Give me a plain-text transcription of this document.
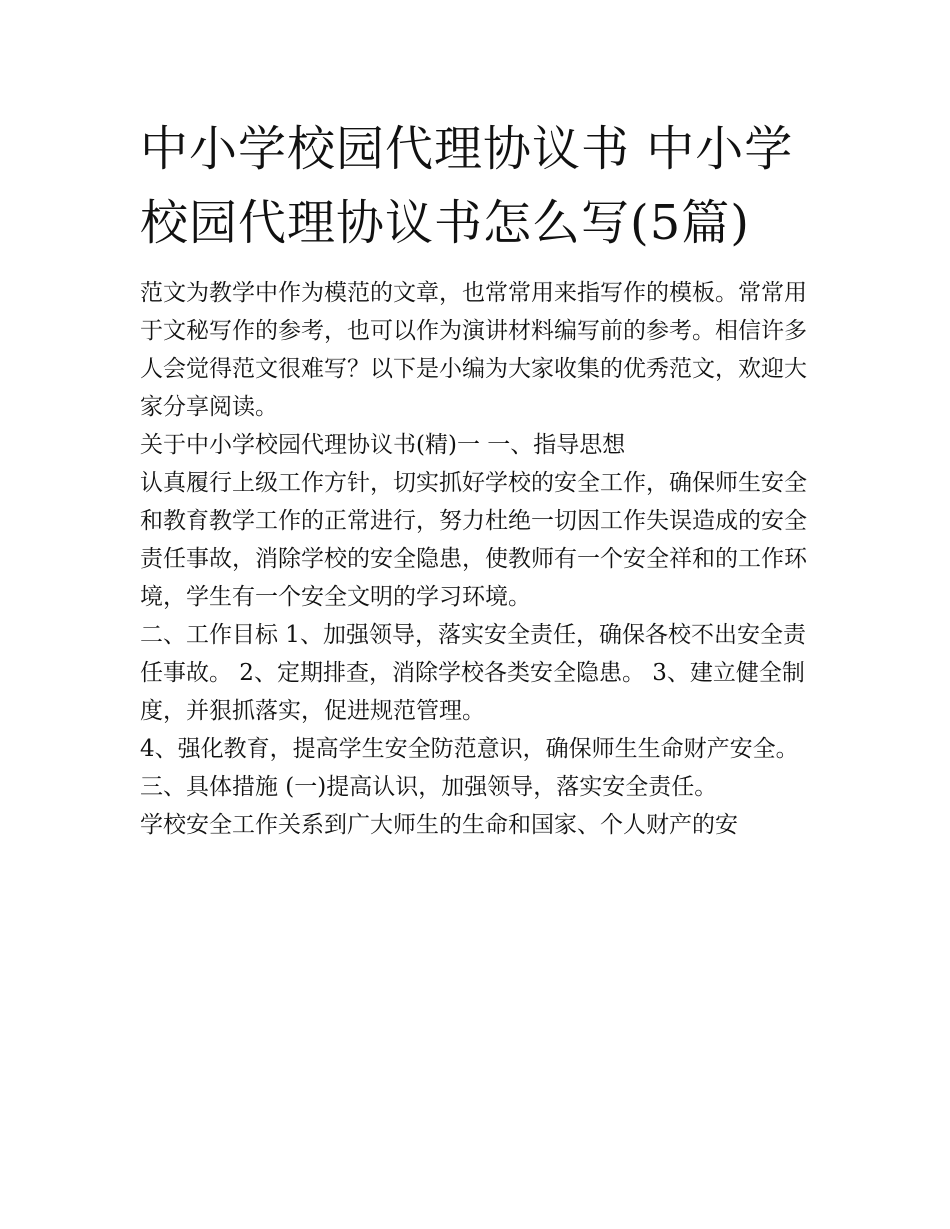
中小学校园代理协议书 中小学校园代理协议书怎么写(5篇)

范文为教学中作为模范的文章，也常常用来指写作的模板。常常用于文秘写作的参考，也可以作为演讲材料编写前的参考。相信许多人会觉得范文很难写？以下是小编为大家收集的优秀范文，欢迎大家分享阅读。

关于中小学校园代理协议书(精)一 一、指导思想

认真履行上级工作方针，切实抓好学校的安全工作，确保师生安全和教育教学工作的正常进行，努力杜绝一切因工作失误造成的安全责任事故，消除学校的安全隐患，使教师有一个安全祥和的工作环境，学生有一个安全文明的学习环境。

二、工作目标 1、加强领导，落实安全责任，确保各校不出安全责任事故。 2、定期排查，消除学校各类安全隐患。 3、建立健全制度，并狠抓落实，促进规范管理。

4、强化教育，提高学生安全防范意识，确保师生生命财产安全。 三、具体措施 (一)提高认识，加强领导，落实安全责任。

学校安全工作关系到广大师生的生命和国家、个人财产的安
